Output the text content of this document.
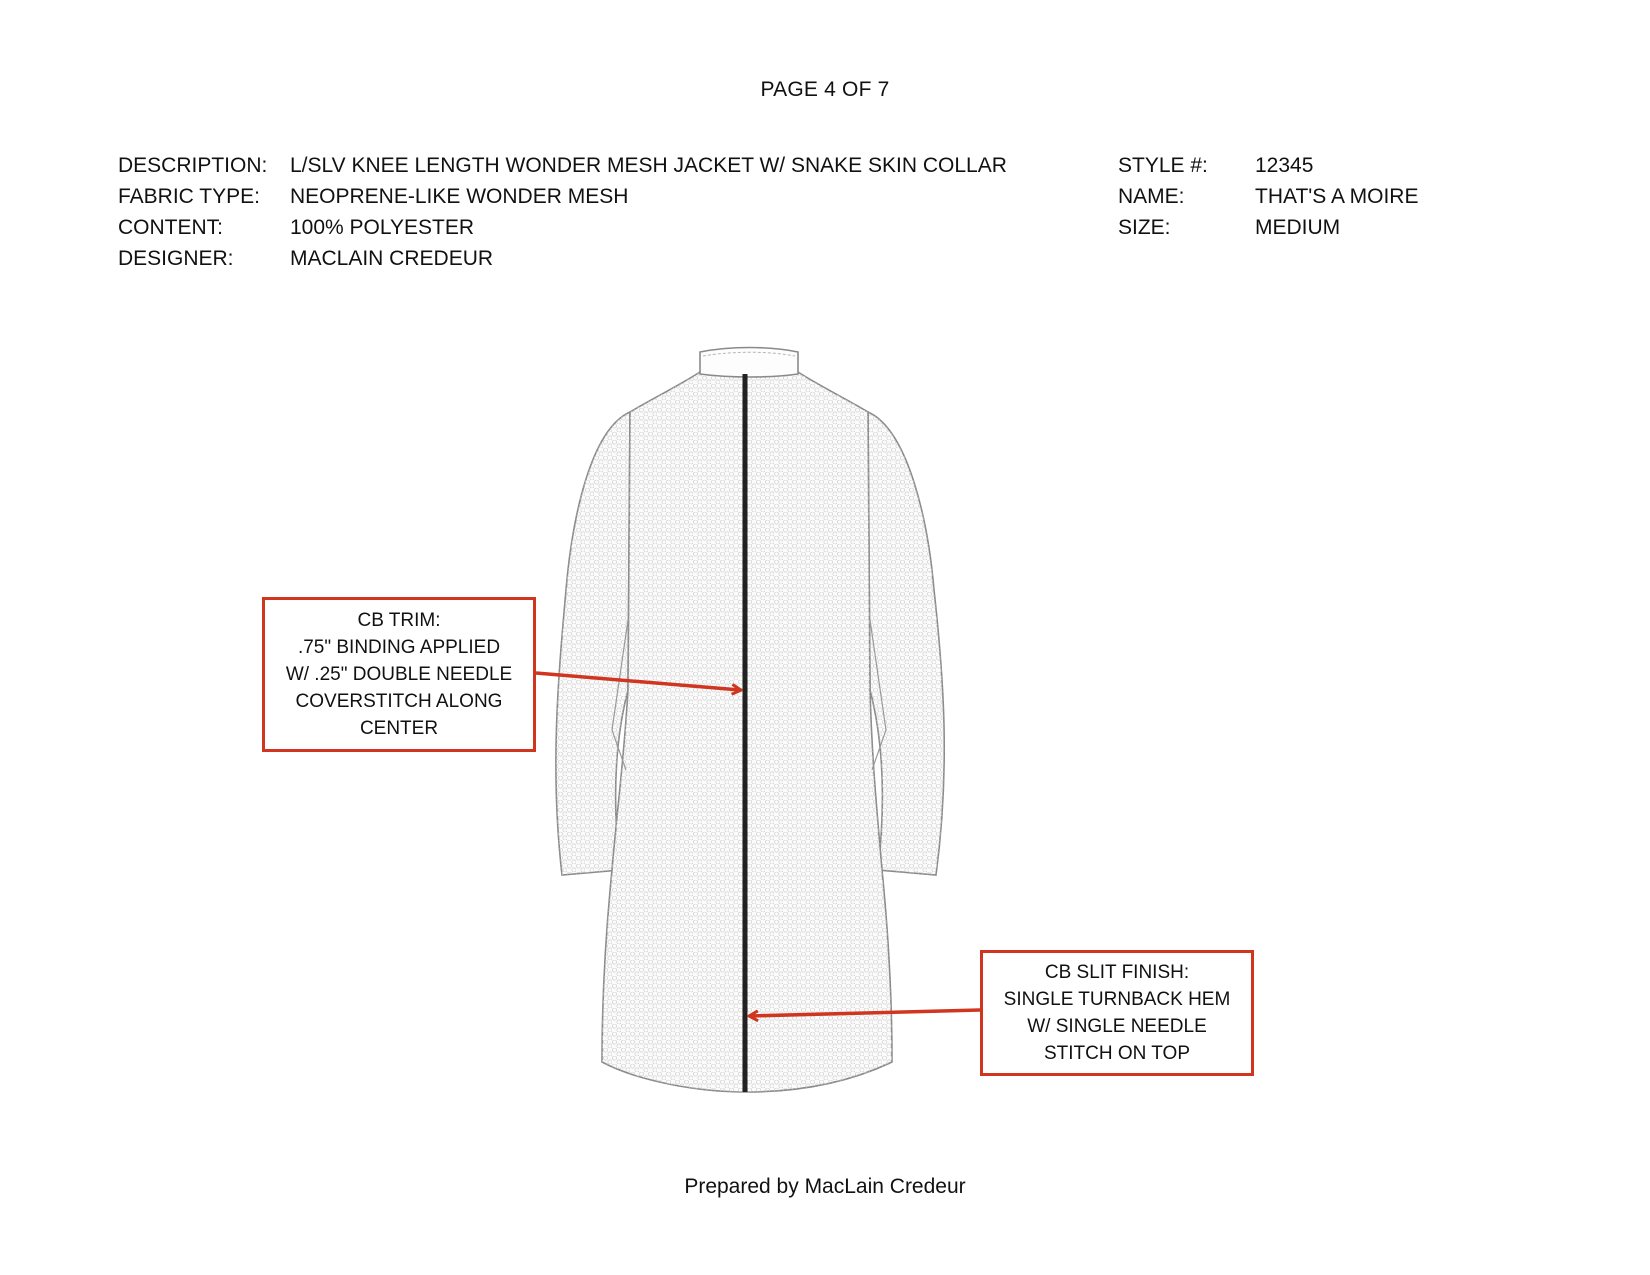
PAGE 4 OF 7
DESCRIPTION:	L/SLV KNEE LENGTH WONDER MESH JACKET W/ SNAKE SKIN COLLAR
FABRIC TYPE:	NEOPRENE-LIKE WONDER MESH
CONTENT:	100% POLYESTER
DESIGNER:	MACLAIN CREDEUR
STYLE #:	12345
NAME:	THAT'S A MOIRE
SIZE:	MEDIUM
CB TRIM:
.75" BINDING APPLIED
W/ .25" DOUBLE NEEDLE
COVERSTITCH ALONG
CENTER
CB SLIT FINISH:
SINGLE TURNBACK HEM
W/ SINGLE NEEDLE
STITCH ON TOP
Prepared by MacLain Credeur
